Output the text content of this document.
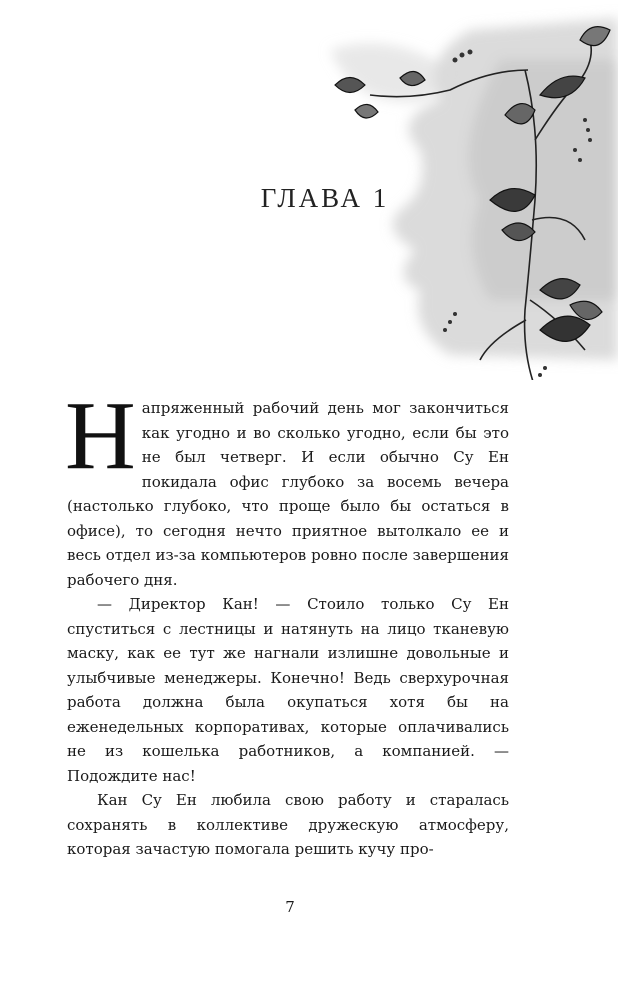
ГЛАВА 1

Напряженный рабочий день мог закончиться как угодно и во сколько угодно, если бы это не был четверг. И если обычно Су Ен покидала офис глубоко за восемь вечера (настолько глубоко, что проще было бы остаться в офисе), то сегодня нечто приятное вытолкало ее и весь отдел из-за компьютеров ровно после завершения рабочего дня.

— Директор Кан! — Стоило только Су Ен спуститься с лестницы и натянуть на лицо тканевую маску, как ее тут же нагнали излишне довольные и улыбчивые менеджеры. Конечно! Ведь сверхурочная работа должна была окупаться хотя бы на еженедельных корпоративах, которые оплачивались не из кошелька работников, а компанией. — Подождите нас!

Кан Су Ен любила свою работу и старалась сохранять в коллективе дружескую атмосферу, которая зачастую помогала решить кучу про-

7
